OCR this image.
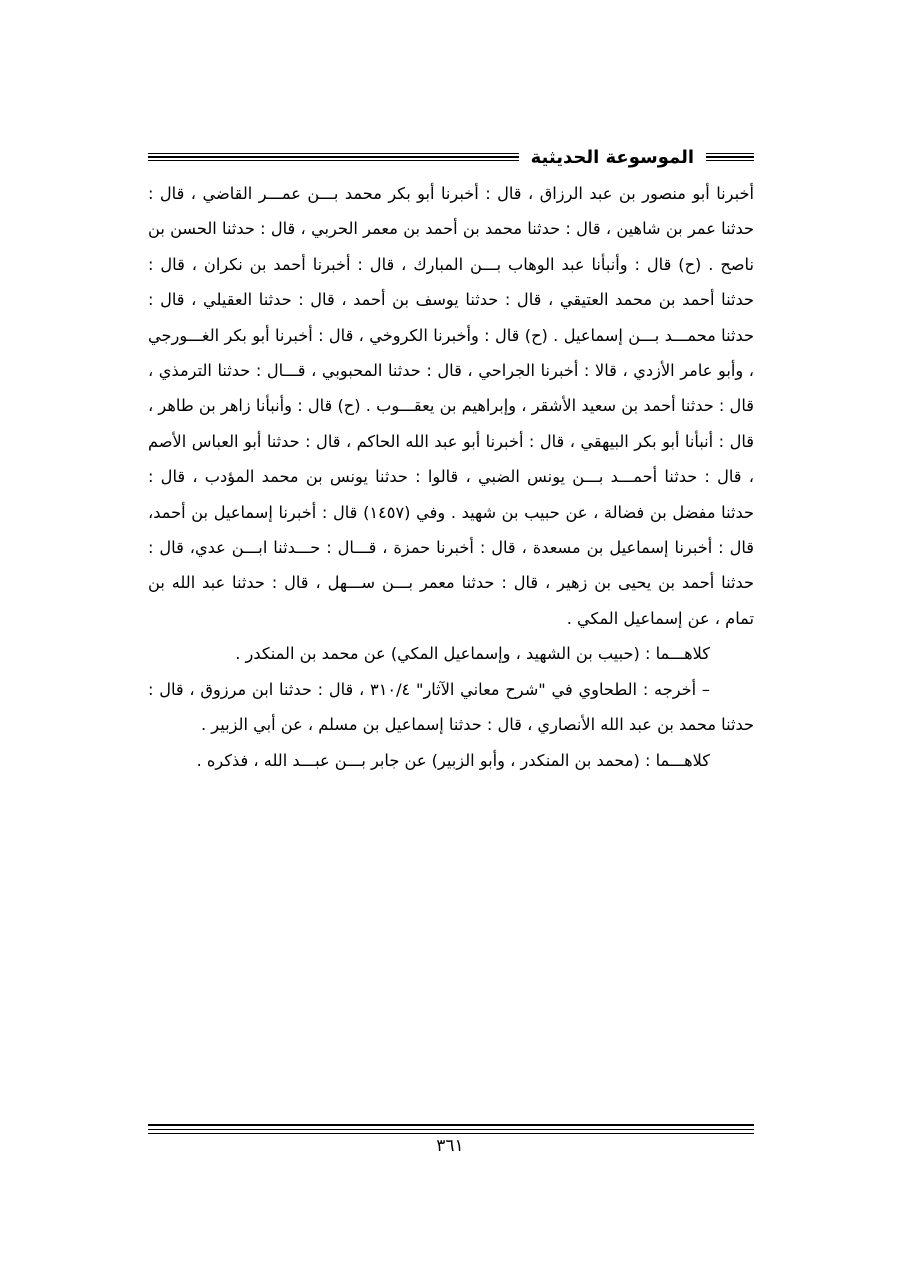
الموسوعة الحديثية

أخبرنا أبو منصور بن عبد الرزاق ، قال : أخبرنا أبو بكر محمد بـــن عمـــر القاضي ، قال : حدثنا عمر بن شاهين ، قال : حدثنا محمد بن أحمد بن معمر الحربي ، قال : حدثنا الحسن بن ناصح . (ح) قال : وأنبأنا عبد الوهاب بـــن المبارك ، قال : أخبرنا أحمد بن نكران ، قال : حدثنا أحمد بن محمد العتيقي ، قال : حدثنا يوسف بن أحمد ، قال : حدثنا العقيلي ، قال : حدثنا محمـــد بـــن إسماعيل . (ح) قال : وأخبرنا الكروخي ، قال : أخبرنا أبو بكر الغـــورجي ، وأبو عامر الأزدي ، قالا : أخبرنا الجراحي ، قال : حدثنا المحبوبي ، قـــال : حدثنا الترمذي ، قال : حدثنا أحمد بن سعيد الأشقر ، وإبراهيم بن يعقـــوب . (ح) قال : وأنبأنا زاهر بن طاهر ، قال : أنبأنا أبو بكر البيهقي ، قال : أخبرنا أبو عبد الله الحاكم ، قال : حدثنا أبو العباس الأصم ، قال : حدثنا أحمـــد بـــن يونس الضبي ، قالوا : حدثنا يونس بن محمد المؤدب ، قال : حدثنا مفضل بن فضالة ، عن حبيب بن شهيد . وفي (١٤٥٧) قال : أخبرنا إسماعيل بن أحمد، قال : أخبرنا إسماعيل بن مسعدة ، قال : أخبرنا حمزة ، قـــال : حـــدثنا ابـــن عدي، قال : حدثنا أحمد بن يحيى بن زهير ، قال : حدثنا معمر بـــن ســـهل ، قال : حدثنا عبد الله بن تمام ، عن إسماعيل المكي .

كلاهـــما : (حبيب بن الشهيد ، وإسماعيل المكي) عن محمد بن المنكدر .

– أخرجه : الطحاوي في "شرح معاني الآثار" ٣١٠/٤ ، قال : حدثنا ابن مرزوق ، قال : حدثنا محمد بن عبد الله الأنصاري ، قال : حدثنا إسماعيل بن مسلم ، عن أبي الزبير .

كلاهـــما : (محمد بن المنكدر ، وأبو الزبير) عن جابر بـــن عبـــد الله ، فذكره .

٣٦١
